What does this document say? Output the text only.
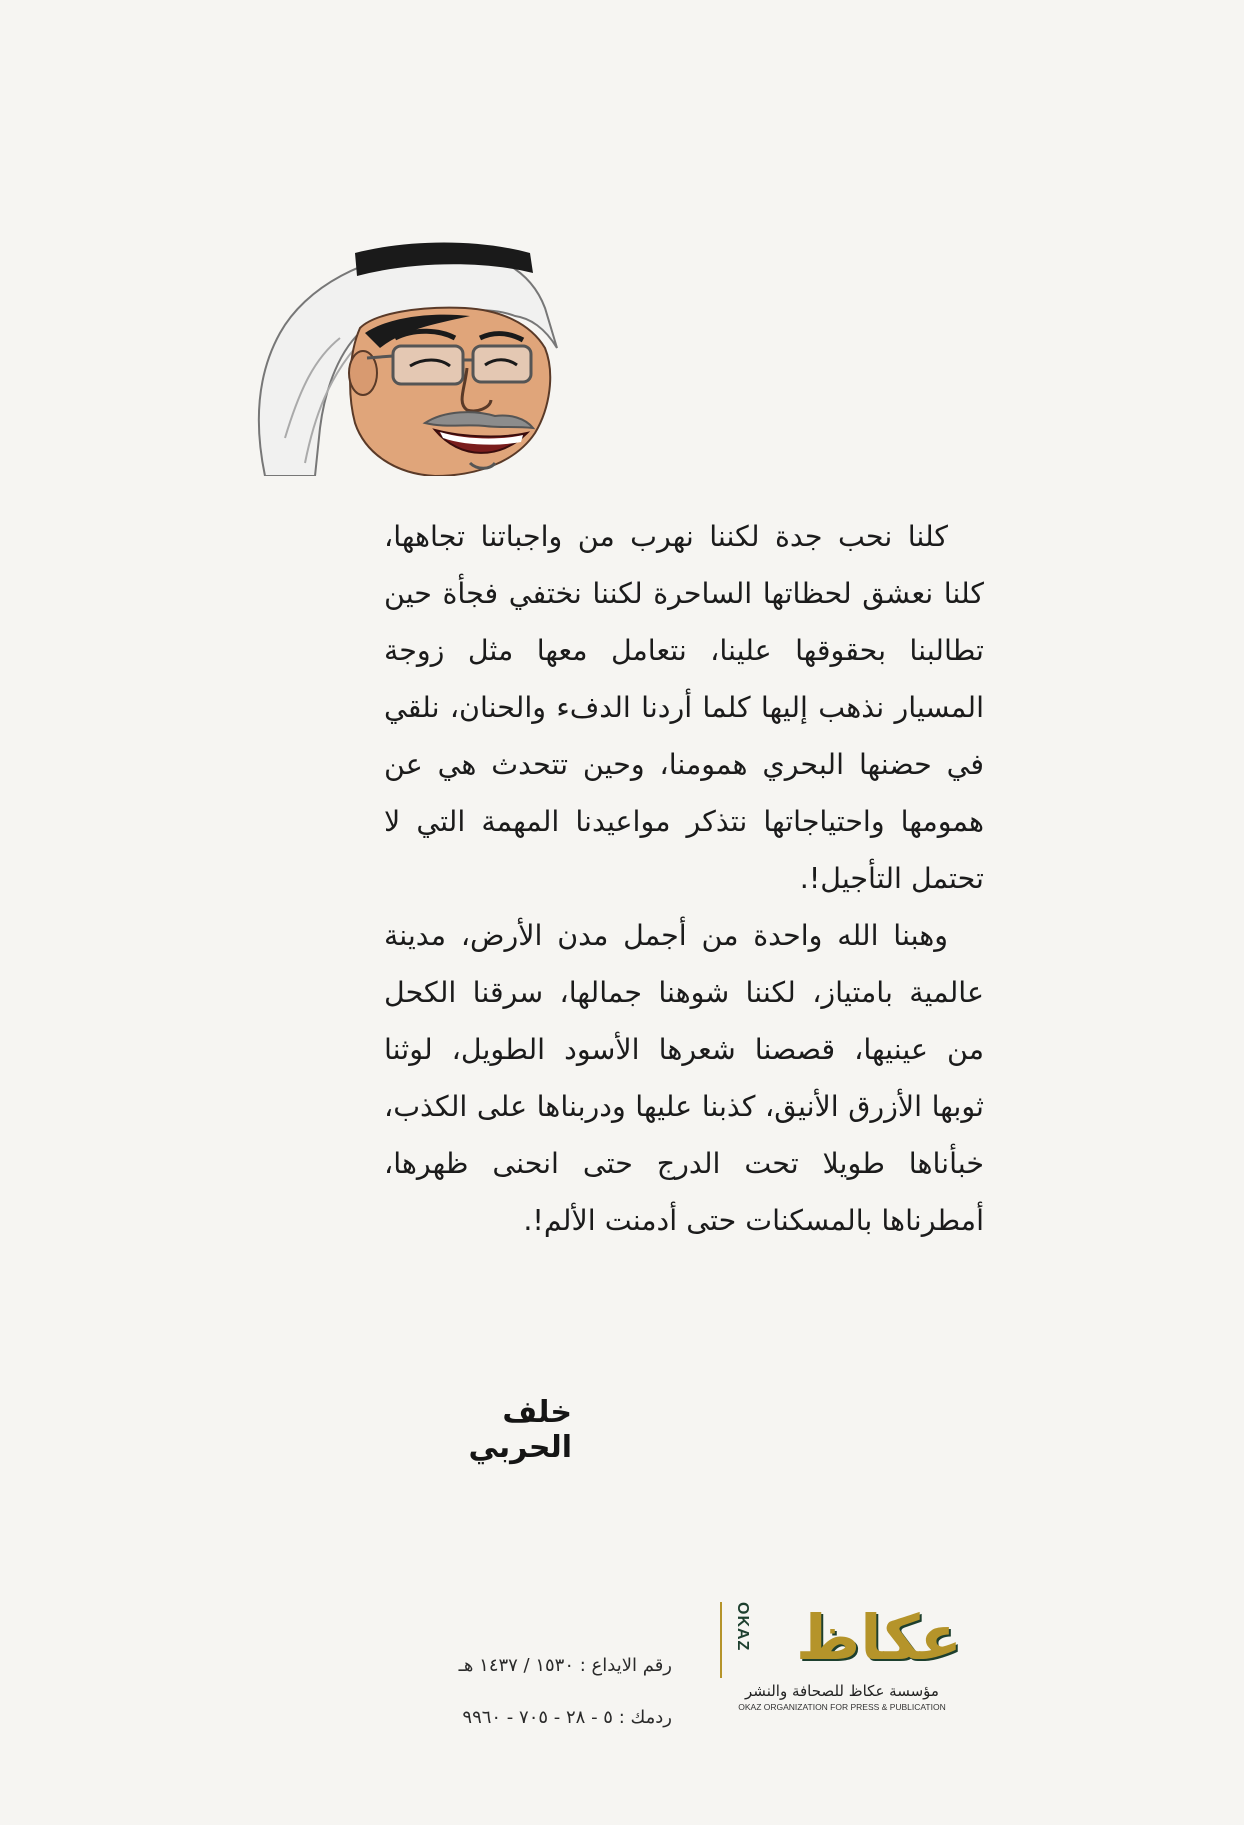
كلنا نحب جدة لكننا نهرب من واجباتنا تجاهها، كلنا نعشق لحظاتها الساحرة لكننا نختفي فجأة حين تطالبنا بحقوقها علينا، نتعامل معها مثل زوجة المسيار نذهب إليها كلما أردنا الدفء والحنان، نلقي في حضنها البحري همومنا، وحين تتحدث هي عن همومها واحتياجاتها نتذكر مواعيدنا المهمة التي لا تحتمل التأجيل!.

وهبنا الله واحدة من أجمل مدن الأرض، مدينة عالمية بامتياز، لكننا شوهنا جمالها، سرقنا الكحل من عينيها، قصصنا شعرها الأسود الطويل، لوثنا ثوبها الأزرق الأنيق، كذبنا عليها ودربناها على الكذب، خبأناها طويلا تحت الدرج حتى انحنى ظهرها، أمطرناها بالمسكنات حتى أدمنت الألم!.

خلف الحربي
OKAZ عكاظ
مؤسسة عكاظ للصحافة والنشر
OKAZ ORGANIZATION FOR PRESS & PUBLICATION
رقم الايداع : ١٥٣٠ / ١٤٣٧ هـ
ردمك : ٥ - ٢٨ - ٧٠٥ - ٩٩٦٠
